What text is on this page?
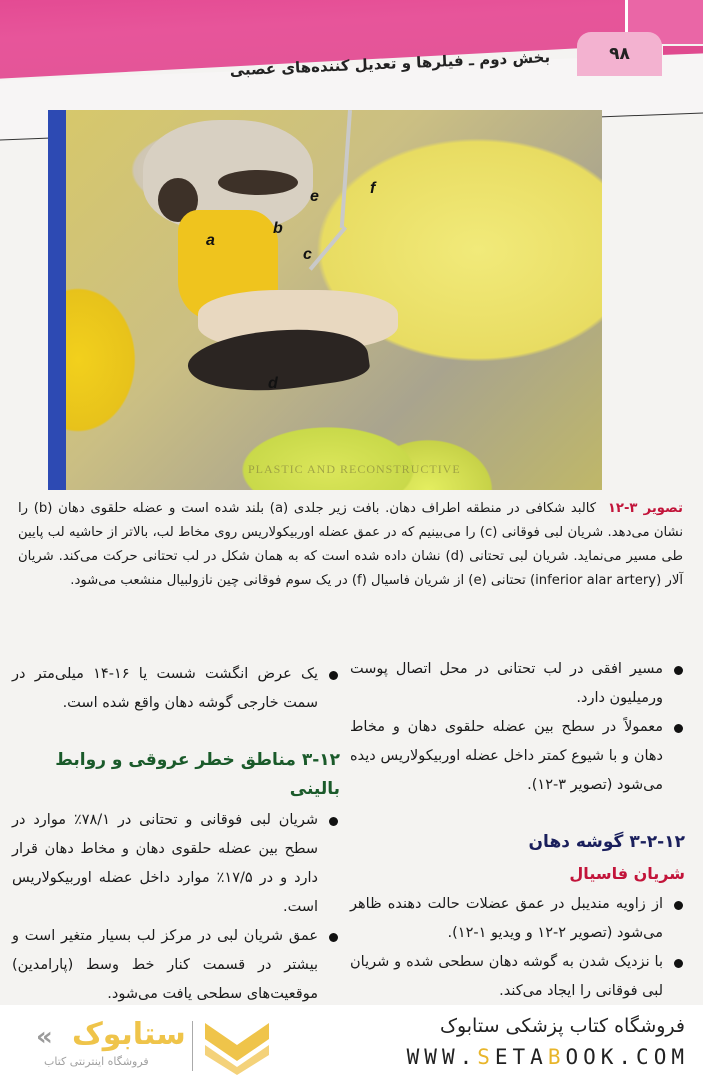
۹۸
بخش دوم ـ فیلرها و تعدیل کننده‌های عصبی
a
b
c
d
e	f
PLASTIC AND RECONSTRUCTIVE
تصویر ۳-۱۲ کالبد شکافی در منطقه اطراف دهان. بافت زیر جلدی (a) بلند شده است و عضله حلقوی دهان (b) را نشان می‌دهد. شریان لبی فوقانی (c) را می‌بینیم که در عمق عضله اوربیکولاریس روی مخاط لب، بالاتر از حاشیه لب پایین طی مسیر می‌نماید. شریان لبی تحتانی (d) نشان داده شده است که به همان شکل در لب تحتانی حرکت می‌کند. شریان آلار (inferior alar artery) تحتانی (e) از شریان فاسیال (f) در یک سوم فوقانی چین نازولبیال منشعب می‌شود.
مسیر افقی در لب تحتانی در محل اتصال پوست ورمیلیون دارد.
معمولاً در سطح بین عضله حلقوی دهان و مخاط دهان و با شیوع کمتر داخل عضله اوربیکولاریس دیده می‌شود (تصویر ۳-۱۲).
۳-۲-۱۲ گوشه دهان
شریان فاسیال
از زاویه مندیبل در عمق عضلات حالت دهنده ظاهر می‌شود (تصویر ۲-۱۲ و ویدیو ۱-۱۲).
با نزدیک شدن به گوشه دهان سطحی شده و شریان لبی فوقانی را ایجاد می‌کند.
یک عرض انگشت شست یا ۱۶-۱۴ میلی‌متر در سمت خارجی گوشه دهان واقع شده است.
۳-۱۲ مناطق خطر عروقی و روابط بالینی
شریان لبی فوقانی و تحتانی در ۷۸/۱٪ موارد در سطح بین عضله حلقوی دهان و مخاط دهان قرار دارد و در ۱۷/۵٪ موارد داخل عضله اوربیکولاریس است.
عمق شریان لبی در مرکز لب بسیار متغیر است و بیشتر در قسمت کنار خط وسط (پارامدین) موقعیت‌های سطحی یافت می‌شود.
« ستابوک
فروشگاه اینترنتی کتاب
فروشگاه کتاب پزشکی ستابوک
WWW.SETABOOK.COM
